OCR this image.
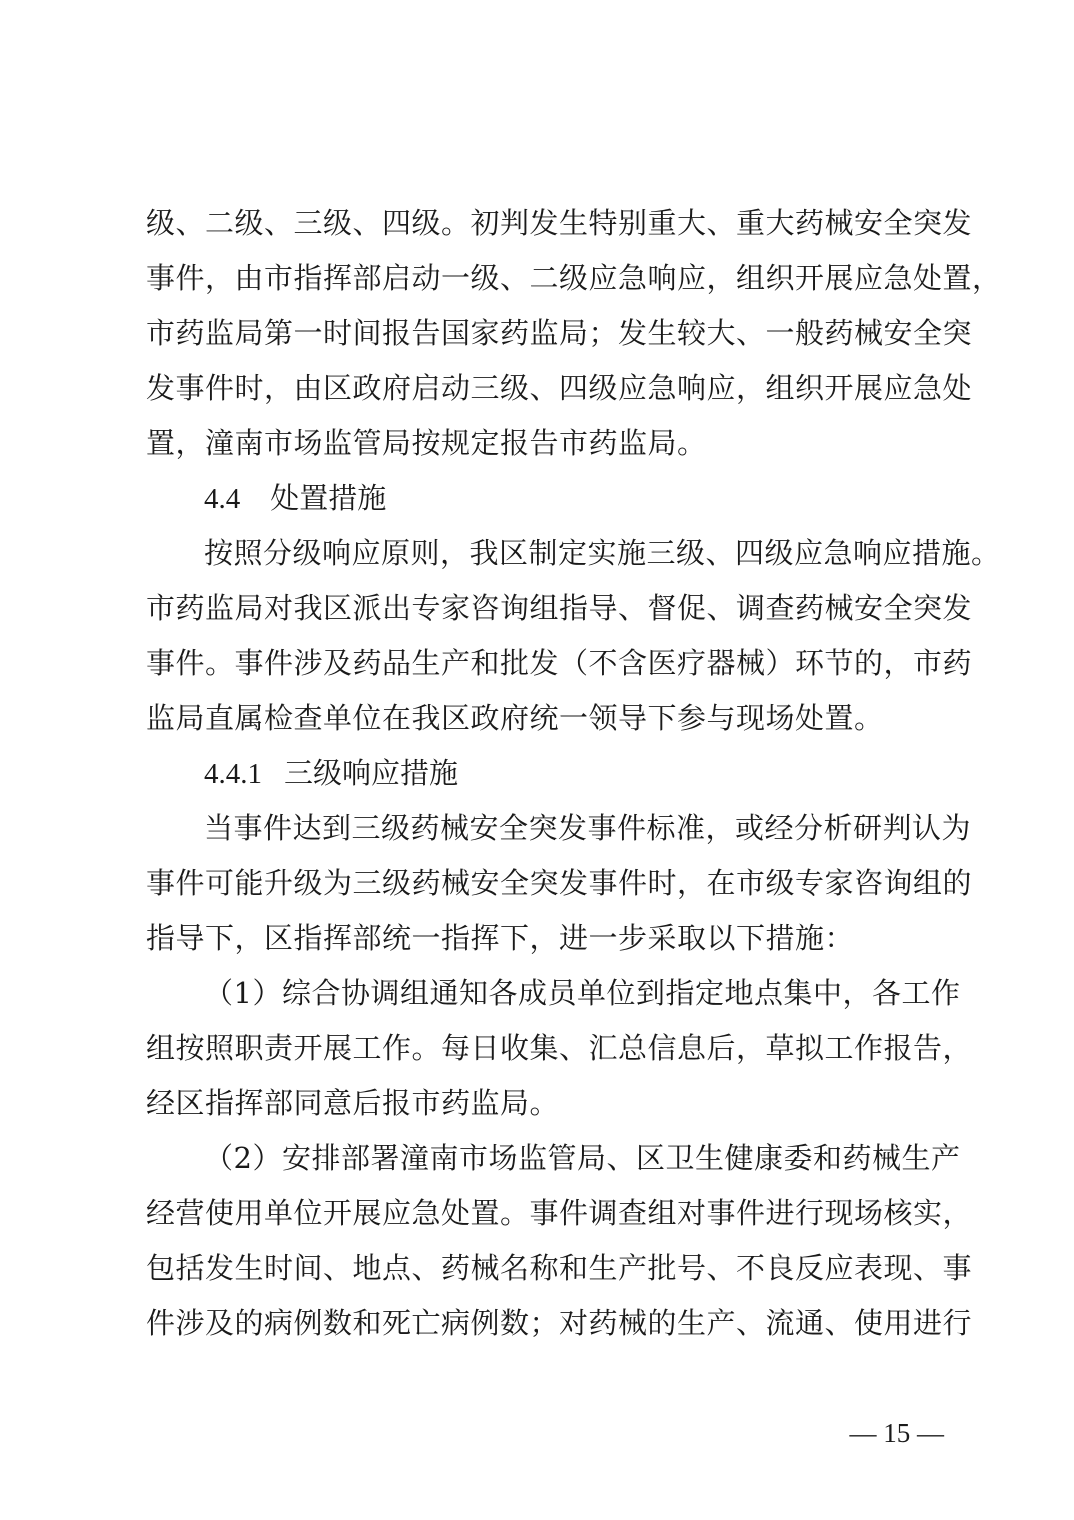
级、二级、三级、四级。初判发生特别重大、重大药械安全突发
事件，由市指挥部启动一级、二级应急响应，组织开展应急处置，
市药监局第一时间报告国家药监局；发生较大、一般药械安全突
发事件时，由区政府启动三级、四级应急响应，组织开展应急处
置，潼南市场监管局按规定报告市药监局。
4.4 处置措施
按照分级响应原则，我区制定实施三级、四级应急响应措施。
市药监局对我区派出专家咨询组指导、督促、调查药械安全突发
事件。事件涉及药品生产和批发（不含医疗器械）环节的，市药
监局直属检查单位在我区政府统一领导下参与现场处置。
4.4.1 三级响应措施
当事件达到三级药械安全突发事件标准，或经分析研判认为
事件可能升级为三级药械安全突发事件时，在市级专家咨询组的
指导下，区指挥部统一指挥下，进一步采取以下措施：
（1）综合协调组通知各成员单位到指定地点集中，各工作
组按照职责开展工作。每日收集、汇总信息后，草拟工作报告，
经区指挥部同意后报市药监局。
（2）安排部署潼南市场监管局、区卫生健康委和药械生产
经营使用单位开展应急处置。事件调查组对事件进行现场核实，
包括发生时间、地点、药械名称和生产批号、不良反应表现、事
件涉及的病例数和死亡病例数；对药械的生产、流通、使用进行
— 15 —
